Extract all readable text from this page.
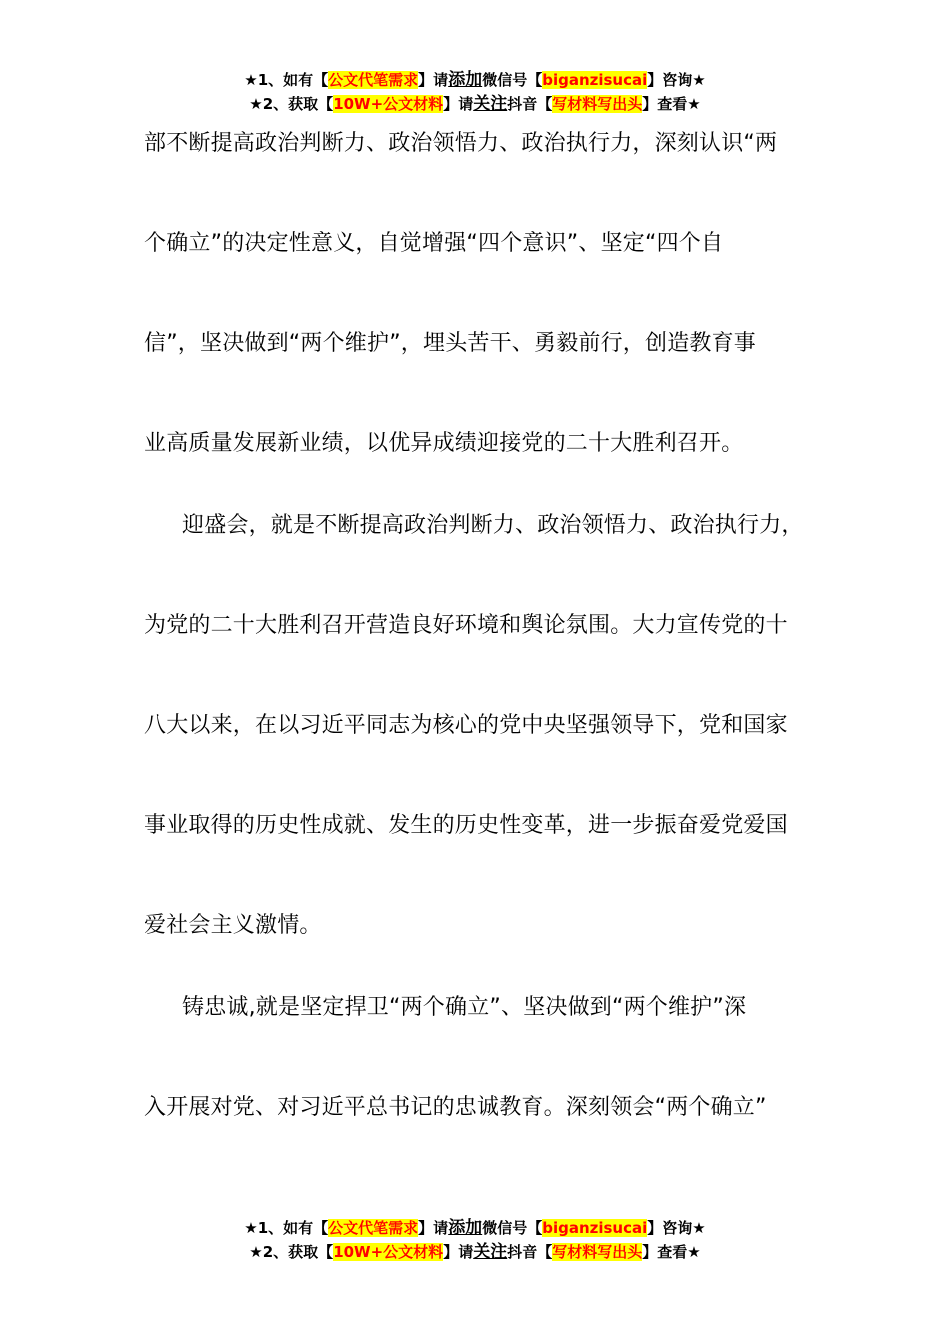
★1、如有【公文代笔需求】请添加微信号【biganzisucai】咨询★
★2、获取【10W+公文材料】请关注抖音【写材料写出头】查看★
部不断提高政治判断力、政治领悟力、政治执行力，深刻认识“两
个确立”的决定性意义，自觉增强“四个意识”、坚定“四个自
信”，坚决做到“两个维护”，埋头苦干、勇毅前行，创造教育事
业高质量发展新业绩，以优异成绩迎接党的二十大胜利召开。
迎盛会，就是不断提高政治判断力、政治领悟力、政治执行力，
为党的二十大胜利召开营造良好环境和舆论氛围。大力宣传党的十
八大以来，在以习近平同志为核心的党中央坚强领导下，党和国家
事业取得的历史性成就、发生的历史性变革，进一步振奋爱党爱国
爱社会主义激情。
铸忠诚,就是坚定捍卫“两个确立”、坚决做到“两个维护”深
入开展对党、对习近平总书记的忠诚教育。深刻领会“两个确立”
★1、如有【公文代笔需求】请添加微信号【biganzisucai】咨询★
★2、获取【10W+公文材料】请关注抖音【写材料写出头】查看★
